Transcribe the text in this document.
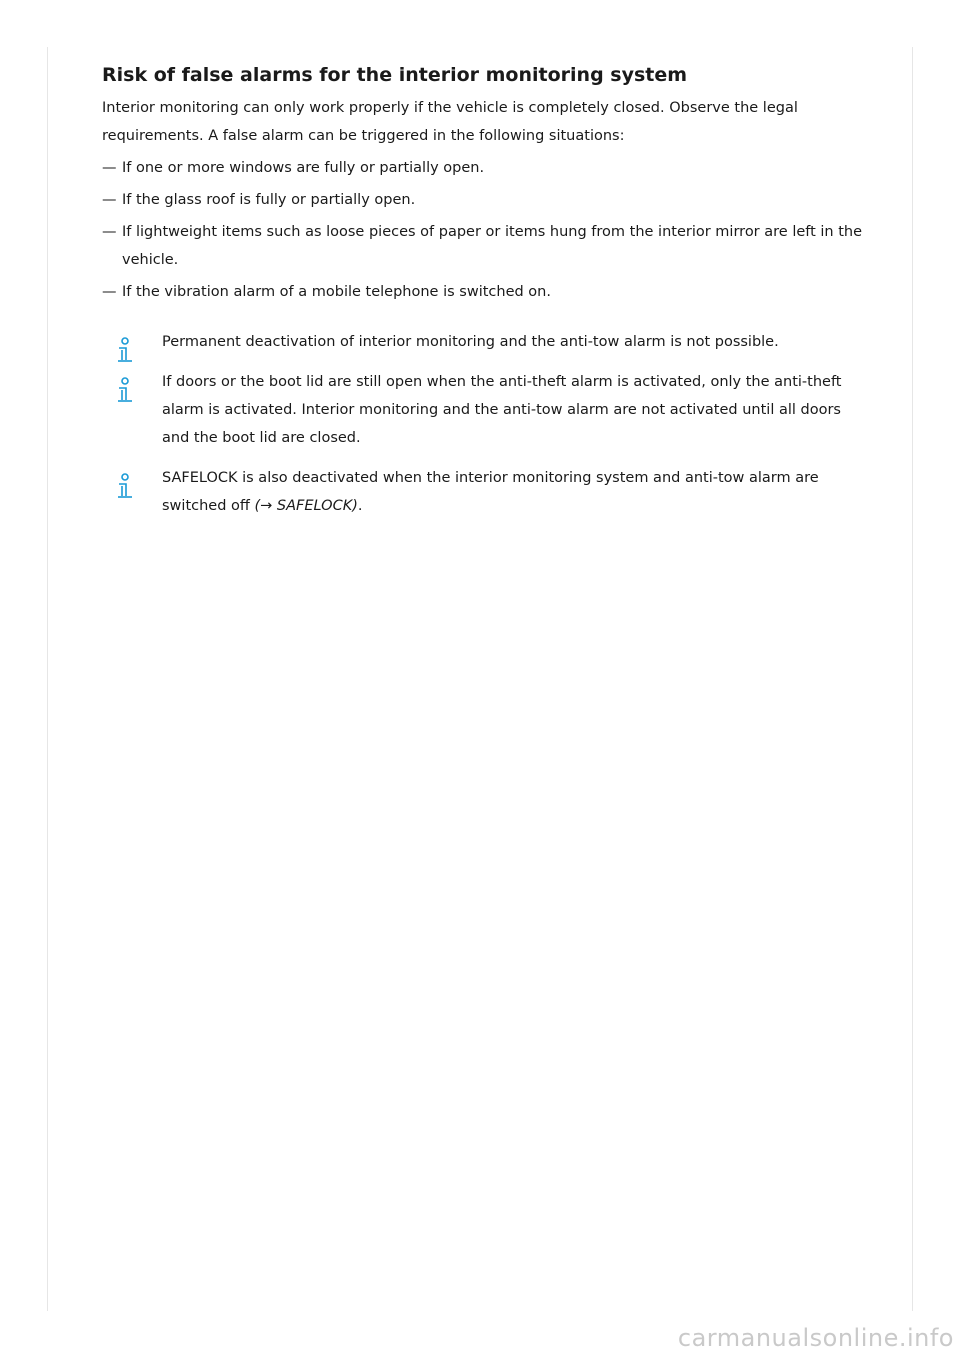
Risk of false alarms for the interior monitoring system

Interior monitoring can only work properly if the vehicle is completely closed. Observe the legal requirements. A false alarm can be triggered in the following situations:

— If one or more windows are fully or partially open.
— If the glass roof is fully or partially open.
— If lightweight items such as loose pieces of paper or items hung from the interior mirror are left in the vehicle.
— If the vibration alarm of a mobile telephone is switched on.
Permanent deactivation of interior monitoring and the anti-tow alarm is not possible.
If doors or the boot lid are still open when the anti-theft alarm is activated, only the anti-theft alarm is activated. Interior monitoring and the anti-tow alarm are not activated until all doors and the boot lid are closed.
SAFELOCK is also deactivated when the interior monitoring system and anti-tow alarm are switched off (→ SAFELOCK).
carmanualsonline.info
